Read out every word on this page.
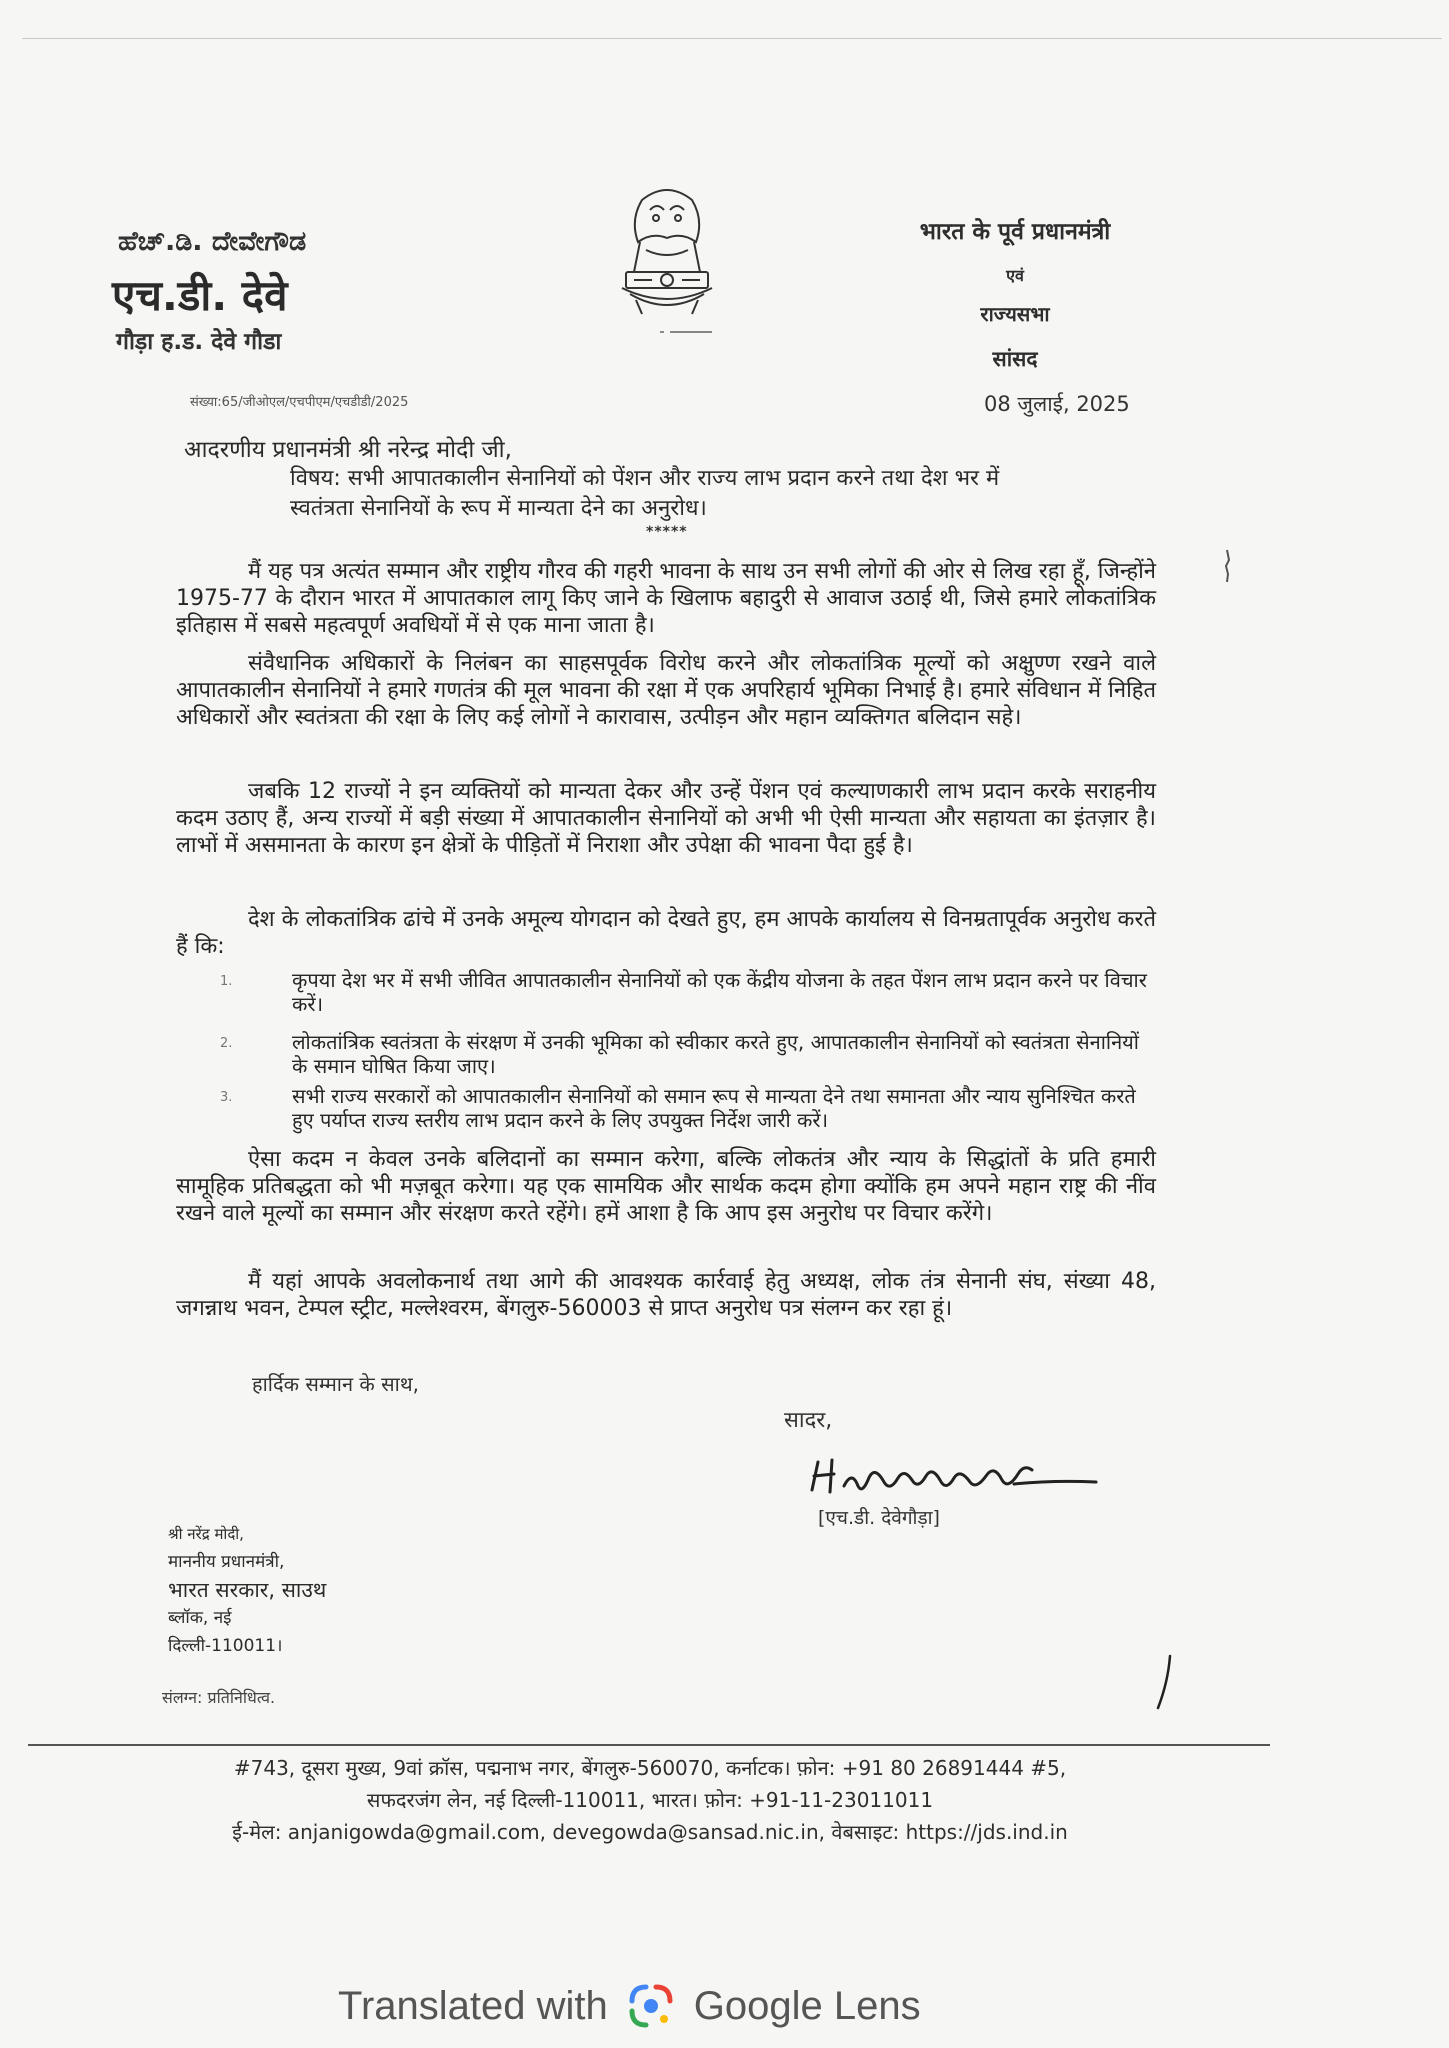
ಹೆಚ್.ಡಿ. ದೇವೇಗೌಡ
एच.डी. देवे
गौड़ा ह.ड. देवे गौडा
भारत के पूर्व प्रधानमंत्री
एवं
राज्यसभा
सांसद
संख्या:65/जीओएल/एचपीएम/एचडीडी/2025	08 जुलाई, 2025
आदरणीय प्रधानमंत्री श्री नरेन्द्र मोदी जी,
विषय: सभी आपातकालीन सेनानियों को पेंशन और राज्य लाभ प्रदान करने तथा देश भर में स्वतंत्रता सेनानियों के रूप में मान्यता देने का अनुरोध।
*****

मैं यह पत्र अत्यंत सम्मान और राष्ट्रीय गौरव की गहरी भावना के साथ उन सभी लोगों की ओर से लिख रहा हूँ, जिन्होंने 1975-77 के दौरान भारत में आपातकाल लागू किए जाने के खिलाफ बहादुरी से आवाज उठाई थी, जिसे हमारे लोकतांत्रिक इतिहास में सबसे महत्वपूर्ण अवधियों में से एक माना जाता है।

संवैधानिक अधिकारों के निलंबन का साहसपूर्वक विरोध करने और लोकतांत्रिक मूल्यों को अक्षुण्ण रखने वाले आपातकालीन सेनानियों ने हमारे गणतंत्र की मूल भावना की रक्षा में एक अपरिहार्य भूमिका निभाई है। हमारे संविधान में निहित अधिकारों और स्वतंत्रता की रक्षा के लिए कई लोगों ने कारावास, उत्पीड़न और महान व्यक्तिगत बलिदान सहे।

जबकि 12 राज्यों ने इन व्यक्तियों को मान्यता देकर और उन्हें पेंशन एवं कल्याणकारी लाभ प्रदान करके सराहनीय कदम उठाए हैं, अन्य राज्यों में बड़ी संख्या में आपातकालीन सेनानियों को अभी भी ऐसी मान्यता और सहायता का इंतज़ार है। लाभों में असमानता के कारण इन क्षेत्रों के पीड़ितों में निराशा और उपेक्षा की भावना पैदा हुई है।

देश के लोकतांत्रिक ढांचे में उनके अमूल्य योगदान को देखते हुए, हम आपके कार्यालय से विनम्रतापूर्वक अनुरोध करते हैं कि:

1.	कृपया देश भर में सभी जीवित आपातकालीन सेनानियों को एक केंद्रीय योजना के तहत पेंशन लाभ प्रदान करने पर विचार करें।
2.	लोकतांत्रिक स्वतंत्रता के संरक्षण में उनकी भूमिका को स्वीकार करते हुए, आपातकालीन सेनानियों को स्वतंत्रता सेनानियों के समान घोषित किया जाए।
3.	सभी राज्य सरकारों को आपातकालीन सेनानियों को समान रूप से मान्यता देने तथा समानता और न्याय सुनिश्चित करते हुए पर्याप्त राज्य स्तरीय लाभ प्रदान करने के लिए उपयुक्त निर्देश जारी करें।

ऐसा कदम न केवल उनके बलिदानों का सम्मान करेगा, बल्कि लोकतंत्र और न्याय के सिद्धांतों के प्रति हमारी सामूहिक प्रतिबद्धता को भी मज़बूत करेगा। यह एक सामयिक और सार्थक कदम होगा क्योंकि हम अपने महान राष्ट्र की नींव रखने वाले मूल्यों का सम्मान और संरक्षण करते रहेंगे। हमें आशा है कि आप इस अनुरोध पर विचार करेंगे।

मैं यहां आपके अवलोकनार्थ तथा आगे की आवश्यक कार्रवाई हेतु अध्यक्ष, लोक तंत्र सेनानी संघ, संख्या 48, जगन्नाथ भवन, टेम्पल स्ट्रीट, मल्लेश्वरम, बेंगलुरु-560003 से प्राप्त अनुरोध पत्र संलग्न कर रहा हूं।

हार्दिक सम्मान के साथ,
सादर,
[एच.डी. देवेगौड़ा]
श्री नरेंद्र मोदी,
माननीय प्रधानमंत्री,
भारत सरकार, साउथ
ब्लॉक, नई
दिल्ली-110011।
संलग्न: प्रतिनिधित्व.
#743, दूसरा मुख्य, 9वां क्रॉस, पद्मनाभ नगर, बेंगलुरु-560070, कर्नाटक। फ़ोन: +91 80 26891444 #5,
सफदरजंग लेन, नई दिल्ली-110011, भारत। फ़ोन: +91-11-23011011
ई-मेल: anjanigowda@gmail.com, devegowda@sansad.nic.in, वेबसाइट: https://jds.ind.in
Translated with Google Lens
